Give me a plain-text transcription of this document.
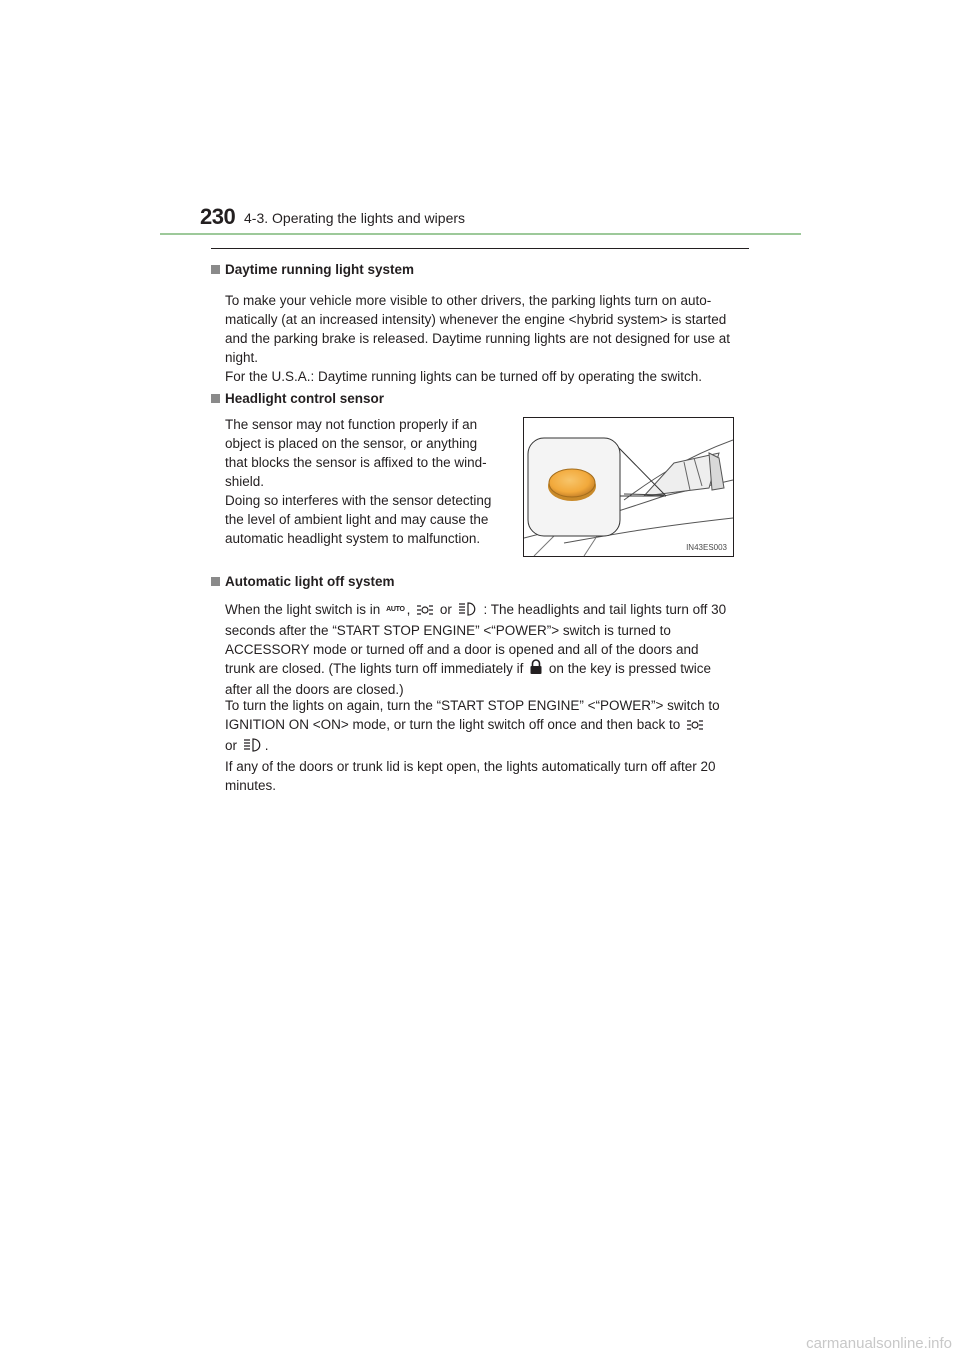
230 4-3. Operating the lights and wipers
Daytime running light system
To make your vehicle more visible to other drivers, the parking lights turn on auto-
matically (at an increased intensity) whenever the engine <hybrid system> is started
and the parking brake is released. Daytime running lights are not designed for use at
night.
For the U.S.A.: Daytime running lights can be turned off by operating the switch.
Headlight control sensor
The sensor may not function properly if an
object is placed on the sensor, or anything
that blocks the sensor is affixed to the wind-
shield.
Doing so interferes with the sensor detecting
the level of ambient light and may cause the
automatic headlight system to malfunction.
IN43ES003
Automatic light off system
When the light switch is in AUTO , or : The headlights and tail lights turn off 30
seconds after the “START STOP ENGINE” <“POWER”> switch is turned to
ACCESSORY mode or turned off and a door is opened and all of the doors and
trunk are closed. (The lights turn off immediately if on the key is pressed twice
after all the doors are closed.)
To turn the lights on again, turn the “START STOP ENGINE” <“POWER”> switch to
IGNITION ON <ON> mode, or turn the light switch off once and then back to
or .
If any of the doors or trunk lid is kept open, the lights automatically turn off after 20
minutes.
carmanualsonline.info
